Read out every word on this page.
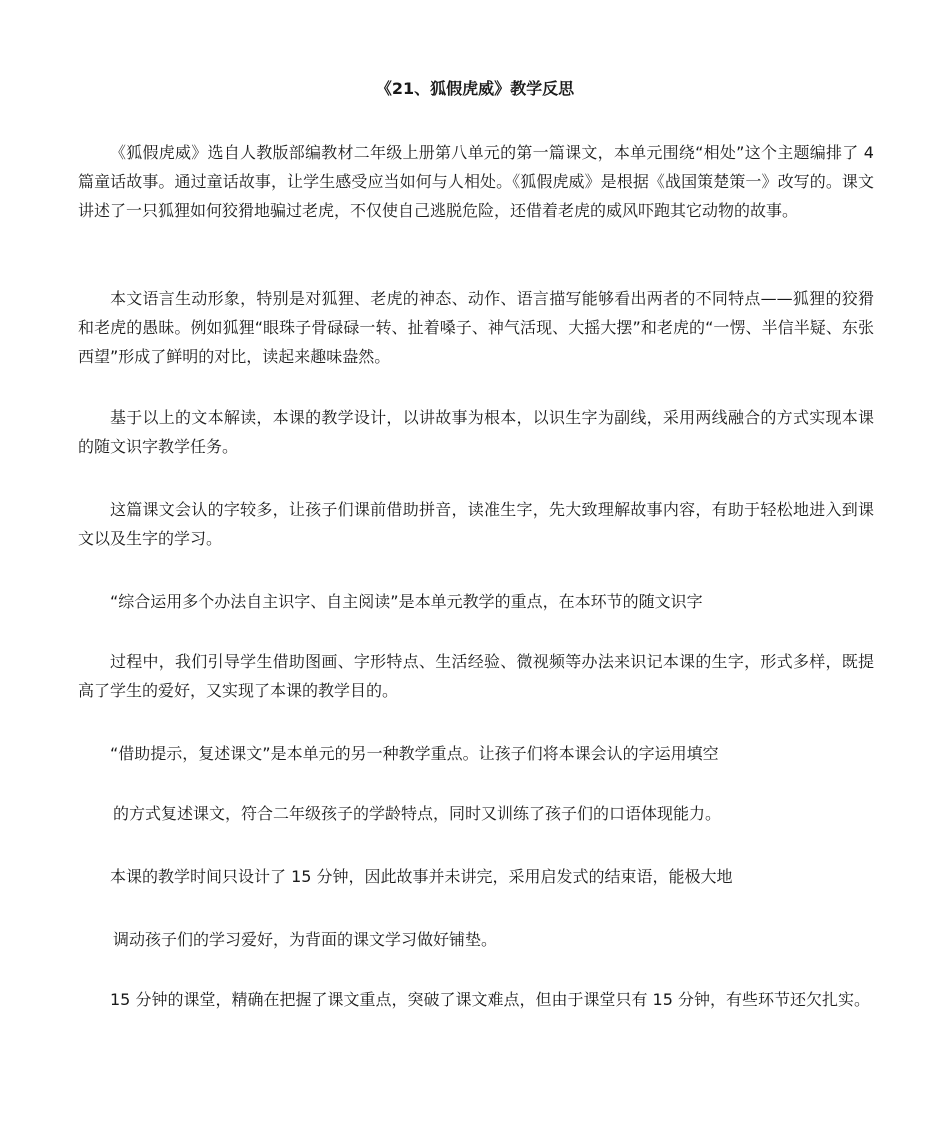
《21、狐假虎威》教学反思
《狐假虎威》选自人教版部编教材二年级上册第八单元的第一篇课文，本单元围绕“相处”这个主题编排了 4 篇童话故事。通过童话故事，让学生感受应当如何与人相处。《狐假虎威》是根据《战国策楚策一》改写的。课文讲述了一只狐狸如何狡猾地骗过老虎，不仅使自己逃脱危险，还借着老虎的威风吓跑其它动物的故事。
本文语言生动形象，特别是对狐狸、老虎的神态、动作、语言描写能够看出两者的不同特点——狐狸的狡猾和老虎的愚昧。例如狐狸“眼珠子骨碌碌一转、扯着嗓子、神气活现、大摇大摆”和老虎的“一愣、半信半疑、东张西望”形成了鲜明的对比，读起来趣味盎然。
基于以上的文本解读，本课的教学设计，以讲故事为根本，以识生字为副线，采用两线融合的方式实现本课的随文识字教学任务。
这篇课文会认的字较多，让孩子们课前借助拼音，读准生字，先大致理解故事内容，有助于轻松地进入到课文以及生字的学习。
“综合运用多个办法自主识字、自主阅读”是本单元教学的重点，在本环节的随文识字
过程中，我们引导学生借助图画、字形特点、生活经验、微视频等办法来识记本课的生字，形式多样，既提高了学生的爱好，又实现了本课的教学目的。
“借助提示，复述课文”是本单元的另一种教学重点。让孩子们将本课会认的字运用填空
的方式复述课文，符合二年级孩子的学龄特点，同时又训练了孩子们的口语体现能力。
本课的教学时间只设计了 15 分钟，因此故事并未讲完，采用启发式的结束语，能极大地
调动孩子们的学习爱好，为背面的课文学习做好铺垫。
15 分钟的课堂，精确在把握了课文重点，突破了课文难点，但由于课堂只有 15 分钟，有些环节还欠扎实。
